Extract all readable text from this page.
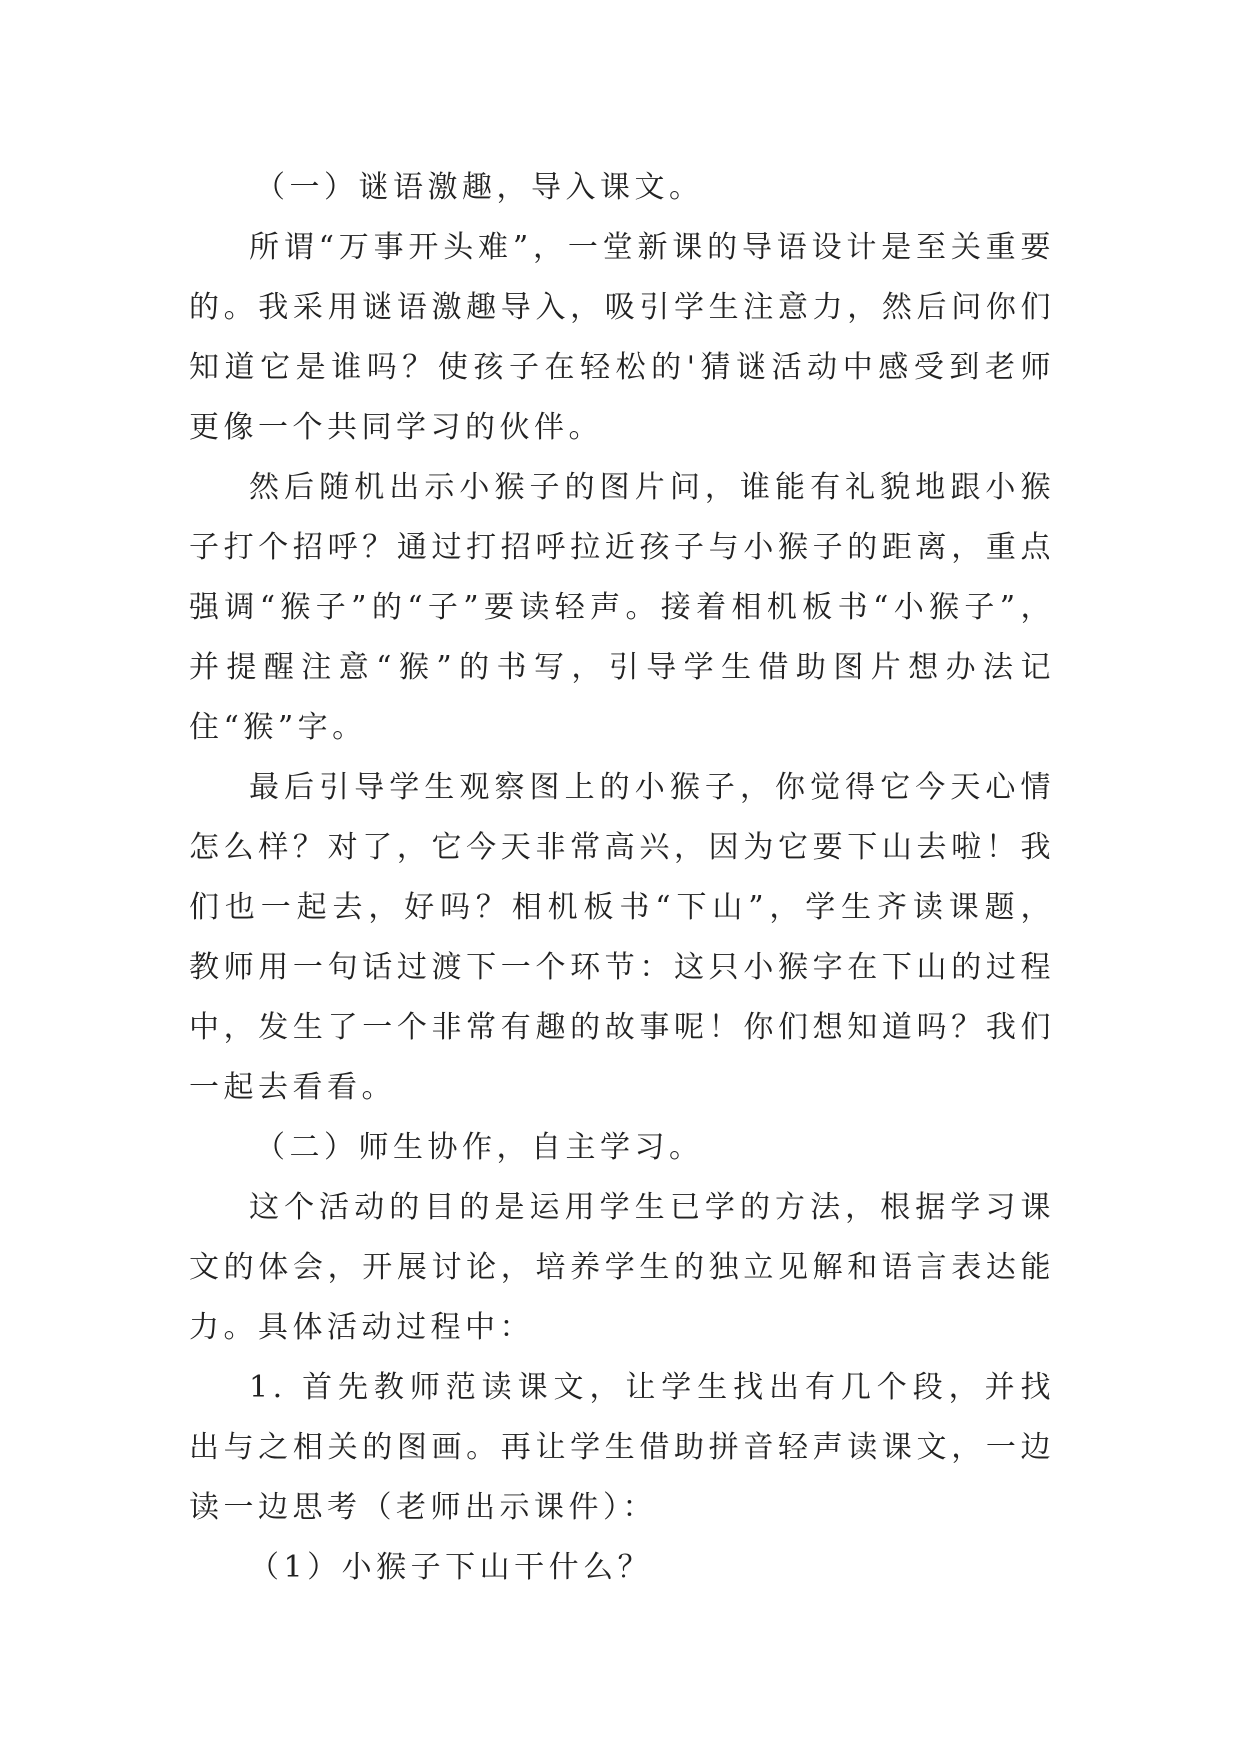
（一）谜语激趣，导入课文。

所谓“万事开头难”，一堂新课的导语设计是至关重要的。我采用谜语激趣导入，吸引学生注意力，然后问你们知道它是谁吗？使孩子在轻松的'猜谜活动中感受到老师更像一个共同学习的伙伴。

然后随机出示小猴子的图片问，谁能有礼貌地跟小猴子打个招呼？通过打招呼拉近孩子与小猴子的距离，重点强调“猴子”的“子”要读轻声。接着相机板书“小猴子”，并提醒注意“猴”的书写，引导学生借助图片想办法记住“猴”字。

最后引导学生观察图上的小猴子，你觉得它今天心情怎么样？对了，它今天非常高兴，因为它要下山去啦！我们也一起去，好吗？相机板书“下山”，学生齐读课题，教师用一句话过渡下一个环节：这只小猴字在下山的过程中，发生了一个非常有趣的故事呢！你们想知道吗？我们一起去看看。

（二）师生协作，自主学习。

这个活动的目的是运用学生已学的方法，根据学习课文的体会，开展讨论，培养学生的独立见解和语言表达能力。具体活动过程中：

1. 首先教师范读课文，让学生找出有几个段，并找出与之相关的图画。再让学生借助拼音轻声读课文，一边读一边思考（老师出示课件）：

（1）小猴子下山干什么？
